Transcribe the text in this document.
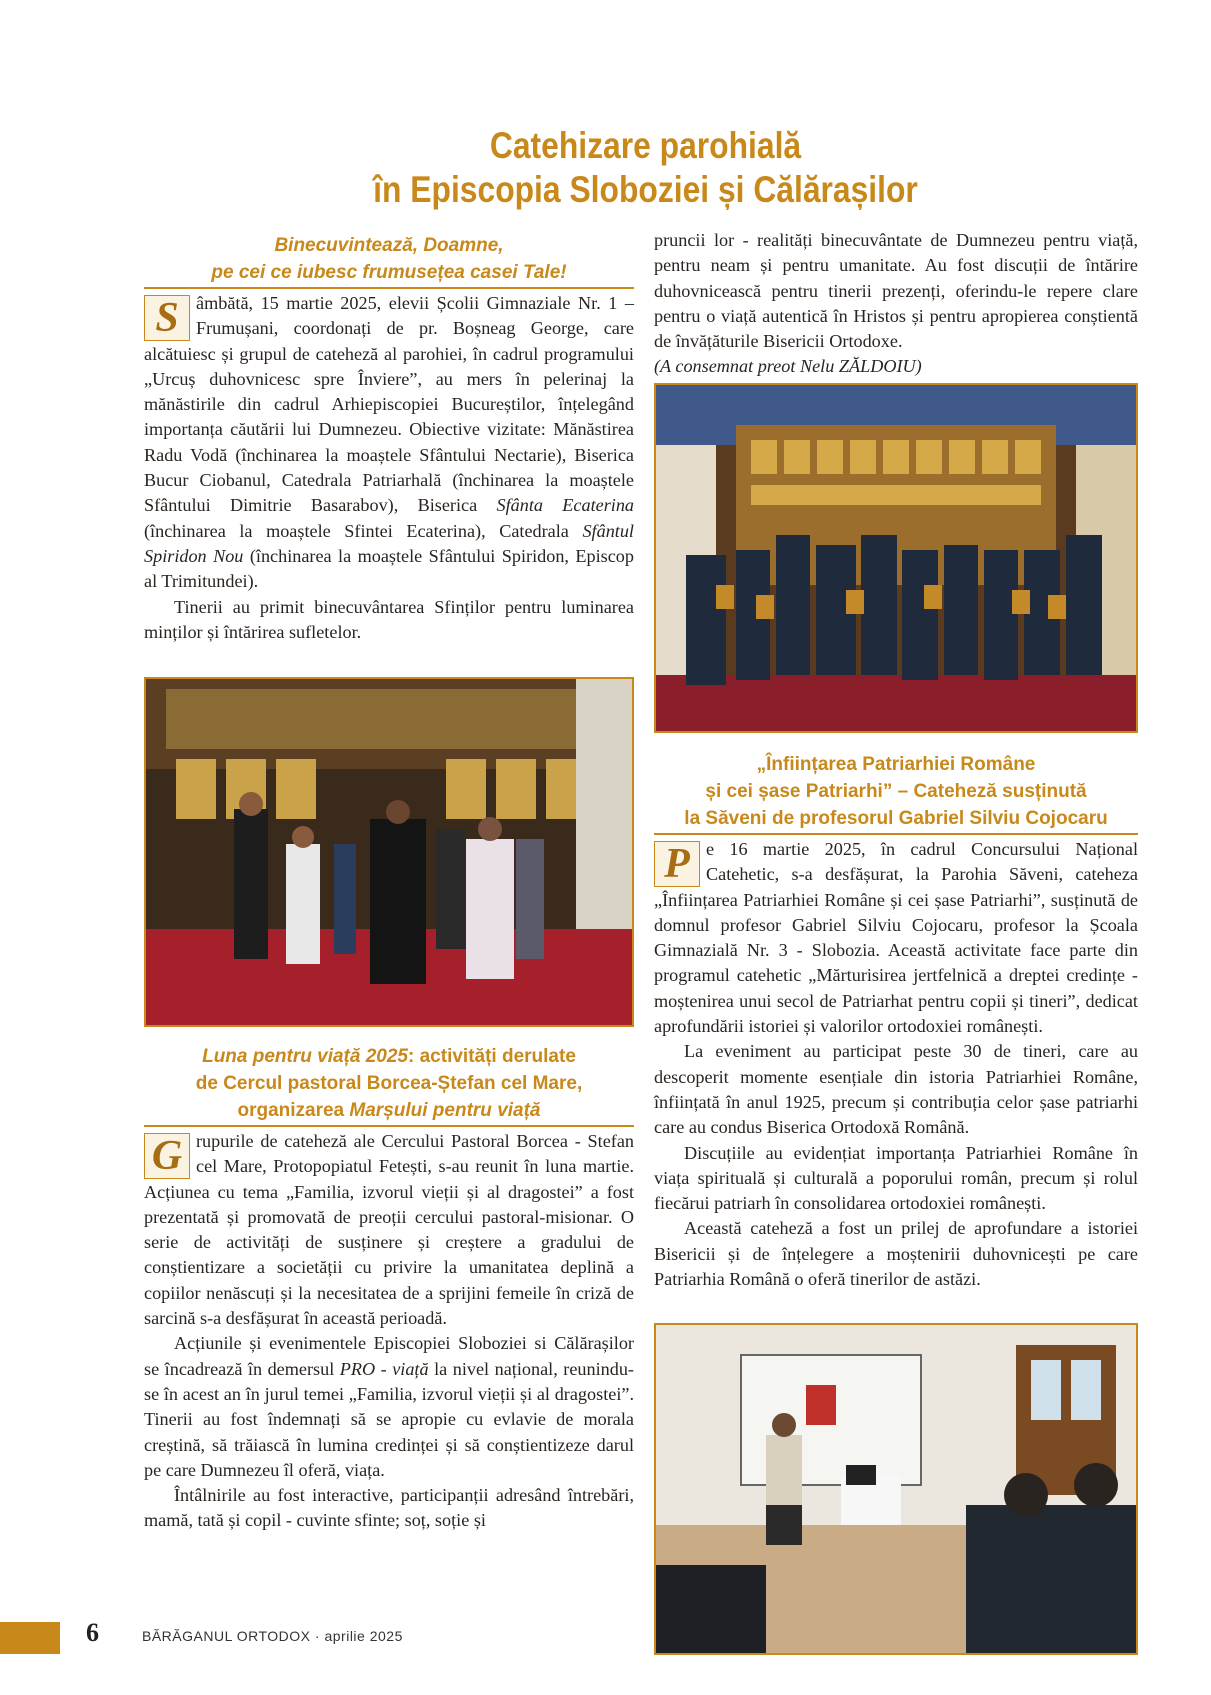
Catehizare parohială
în Episcopia Sloboziei și Călărașilor
Binecuvintează, Doamne,
pe cei ce iubesc frumusețea casei Tale!

S âmbătă, 15 martie 2025, elevii Școlii Gimnaziale Nr. 1 – Frumușani, coordonați de pr. Boșneag George, care alcătuiesc și grupul de cateheză al parohiei, în cadrul programului „Urcuș duhovnicesc spre Înviere”, au mers în pelerinaj la mănăstirile din cadrul Arhiepiscopiei Bucureștilor, înțelegând importanța căutării lui Dumnezeu. Obiective vizitate: Mănăstirea Radu Vodă (închinarea la moaștele Sfântului Nectarie), Biserica Bucur Ciobanul, Catedrala Patriarhală (închinarea la moaștele Sfântului Dimitrie Basarabov), Biserica Sfânta Ecaterina (închinarea la moaștele Sfintei Ecaterina), Catedrala Sfântul Spiridon Nou (închinarea la moaștele Sfântului Spiridon, Episcop al Trimitundei).

Tinerii au primit binecuvântarea Sfinților pentru luminarea minților și întărirea sufletelor.

Luna pentru viață 2025: activități derulate
de Cercul pastoral Borcea-Ștefan cel Mare,
organizarea Marșului pentru viață

G rupurile de cateheză ale Cercului Pastoral Borcea - Stefan cel Mare, Protopopiatul Fetești, s-au reunit în luna martie. Acțiunea cu tema „Familia, izvorul vieții și al dragostei” a fost prezentată și promovată de preoții cercului pastoral-misionar. O serie de activități de susținere și creștere a gradului de conștientizare a societății cu privire la umanitatea deplină a copiilor nenăscuți și la necesitatea de a sprijini femeile în criză de sarcină s-a desfășurat în această perioadă.

Acțiunile și evenimentele Episcopiei Sloboziei si Călărașilor se încadrează în demersul PRO - viață la nivel național, reunindu-se în acest an în jurul temei „Familia, izvorul vieții și al dragostei”. Tinerii au fost îndemnați să se apropie cu evlavie de morala creștină, să trăiască în lumina credinței și să conștientizeze darul pe care Dumnezeu îl oferă, viața.

Întâlnirile au fost interactive, participanții adresând întrebări, mamă, tată și copil - cuvinte sfinte; soț, soție și

pruncii lor - realități binecuvântate de Dumnezeu pentru viață, pentru neam și pentru umanitate. Au fost discuții de întărire duhovnicească pentru tinerii prezenți, oferindu-le repere clare pentru o viață autentică în Hristos și pentru apropierea conștientă de învățăturile Bisericii Ortodoxe.

(A consemnat preot Nelu ZĂLDOIU)

„Înființarea Patriarhiei Române
și cei șase Patriarhi” – Cateheză susținută
la Săveni de profesorul Gabriel Silviu Cojocaru

P e 16 martie 2025, în cadrul Concursului Național Catehetic, s-a desfășurat, la Parohia Săveni, cateheza „Înființarea Patriarhiei Române și cei șase Patriarhi”, susținută de domnul profesor Gabriel Silviu Cojocaru, profesor la Școala Gimnazială Nr. 3 - Slobozia. Această activitate face parte din programul catehetic „Mărturisirea jertfelnică a dreptei credințe - moștenirea unui secol de Patriarhat pentru copii și tineri”, dedicat aprofundării istoriei și valorilor ortodoxiei românești.

La eveniment au participat peste 30 de tineri, care au descoperit momente esențiale din istoria Patriarhiei Române, înființată în anul 1925, precum și contribuția celor șase patriarhi care au condus Biserica Ortodoxă Română.

Discuțiile au evidențiat importanța Patriarhiei Române în viața spirituală și culturală a poporului român, precum și rolul fiecărui patriarh în consolidarea ortodoxiei românești.

Această cateheză a fost un prilej de aprofundare a istoriei Bisericii și de înțelegere a moștenirii duhovnicești pe care Patriarhia Română o oferă tinerilor de astăzi.

6	BĂRĂGANUL ORTODOX · aprilie 2025
